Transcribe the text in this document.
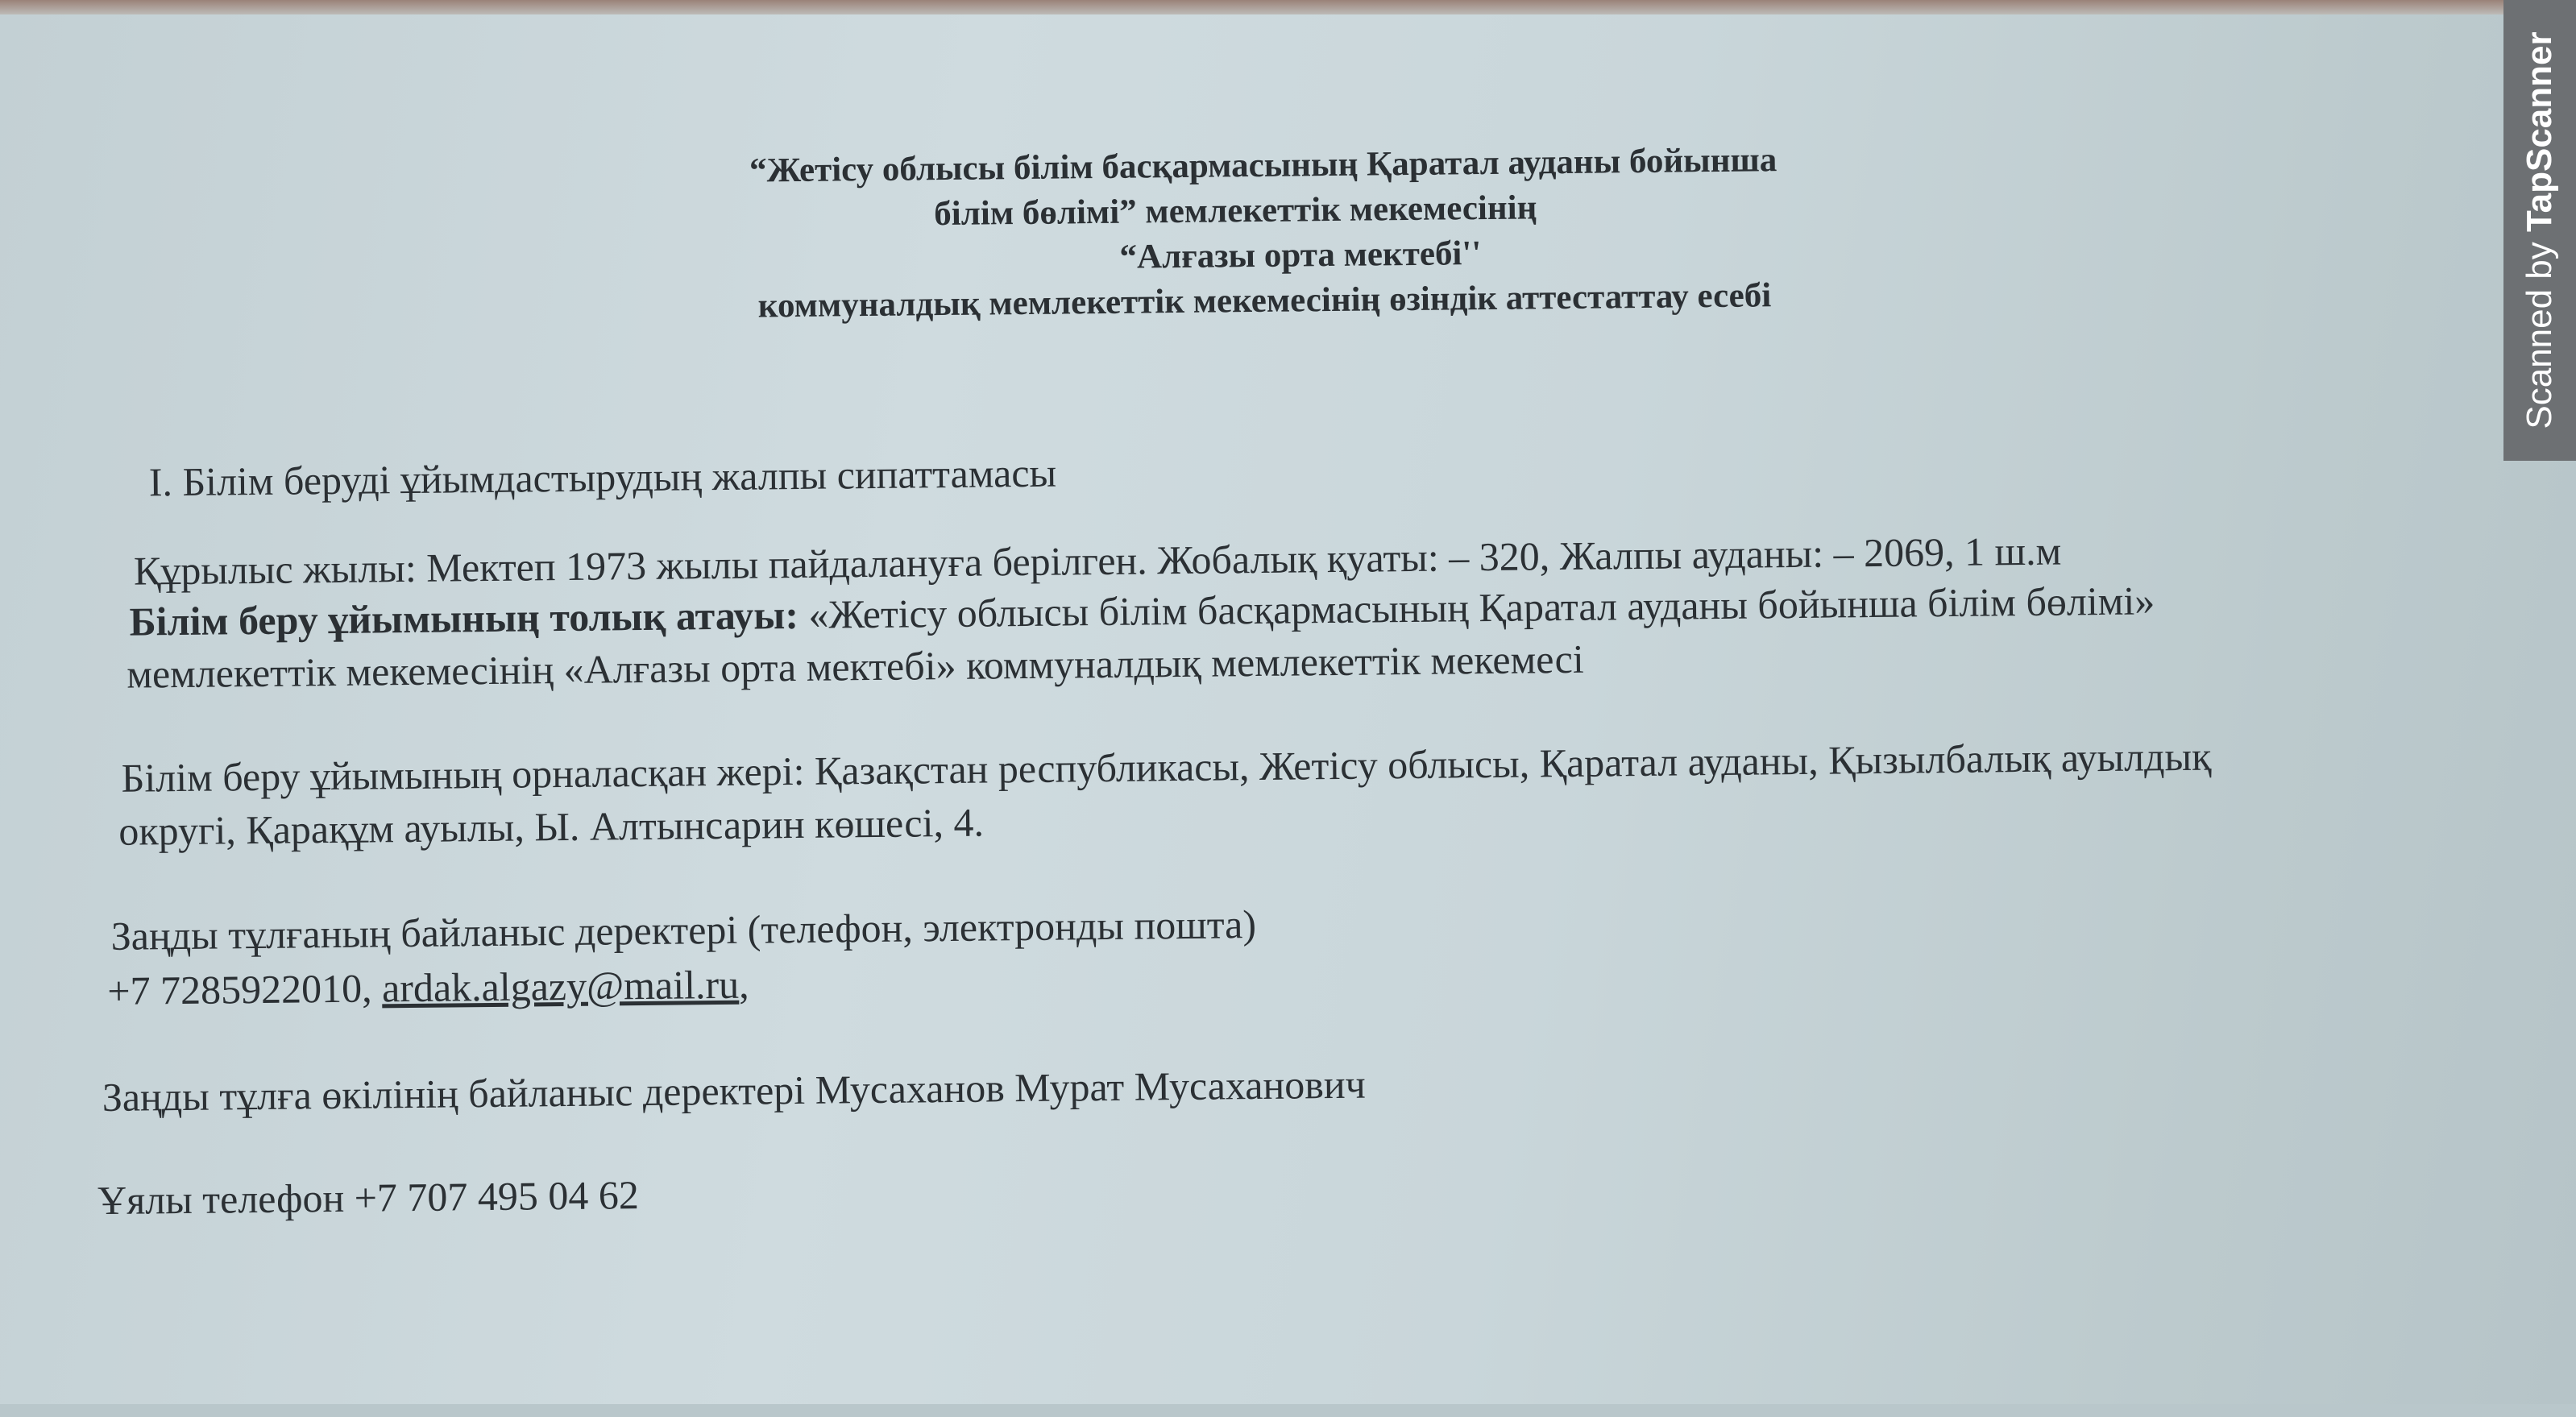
“Жетісу облысы білім басқармасының Қаратал ауданы бойынша
білім бөлімі” мемлекеттік мекемесінің
“Алғазы орта мектебі''
коммуналдық мемлекеттік мекемесінің өзіндік аттестаттау есебі
І. Білім беруді ұйымдастырудың жалпы сипаттамасы
Құрылыс жылы: Мектеп 1973 жылы пайдалануға берілген. Жобалық қуаты: – 320, Жалпы ауданы: – 2069, 1 ш.м
Білім беру ұйымының толық атауы: «Жетісу облысы білім басқармасының Қаратал ауданы бойынша білім бөлімі»
мемлекеттік мекемесінің «Алғазы орта мектебі» коммуналдық мемлекеттік мекемесі
Білім беру ұйымының орналасқан жері: Қазақстан республикасы, Жетісу облысы, Қаратал ауданы, Қызылбалық ауылдық
округі, Қарақұм ауылы, Ы. Алтынсарин көшесі, 4.
Заңды тұлғаның байланыс деректері (телефон, электронды пошта)
+7 7285922010, ardak.algazy@mail.ru,
Заңды тұлға өкілінің байланыс деректері Мусаханов Мурат Мусаханович
Ұялы телефон +7 707 495 04 62
Scanned by TapScanner
